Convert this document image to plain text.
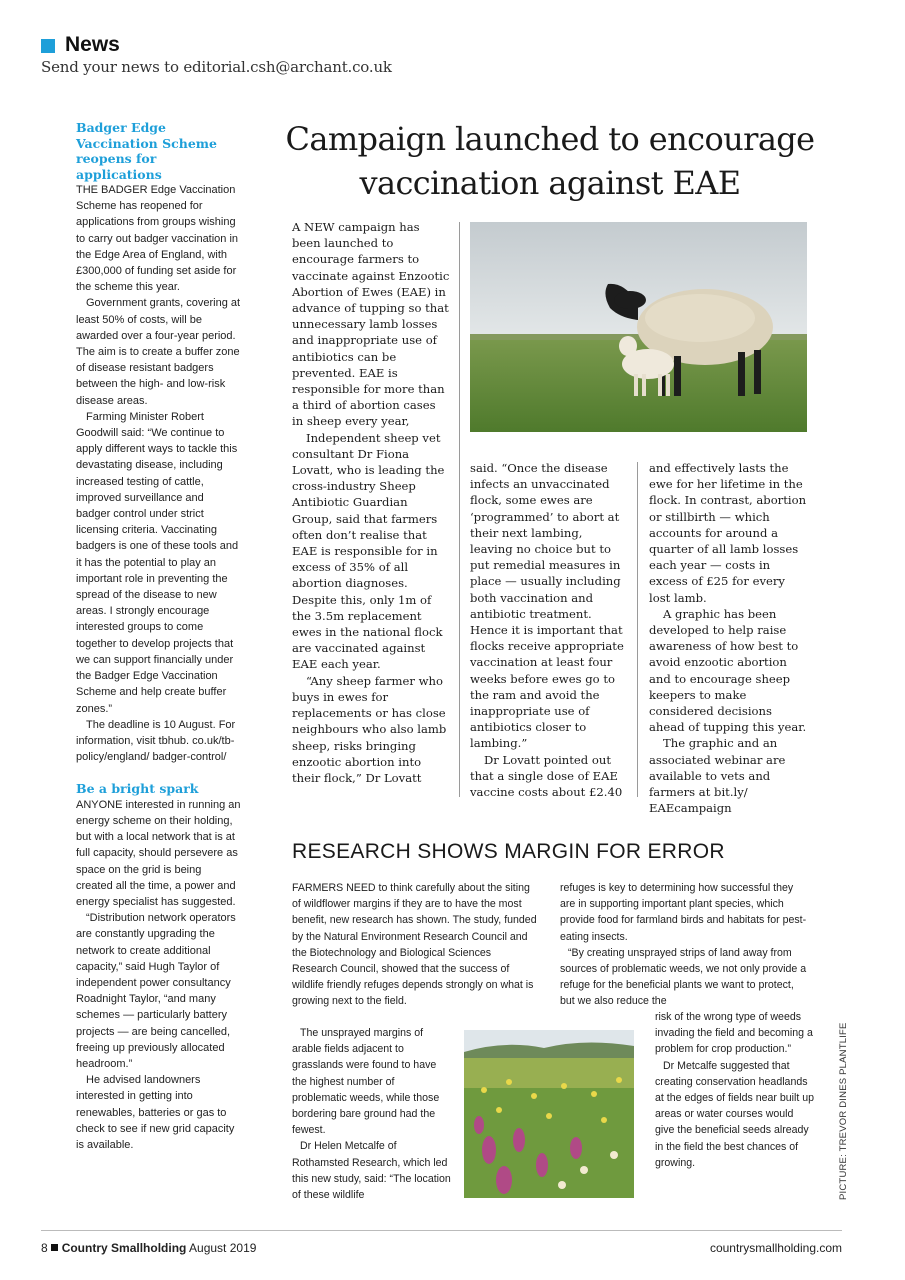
News
Send your news to editorial.csh@archant.co.uk
Badger Edge Vaccination Scheme reopens for applications

THE BADGER Edge Vaccination Scheme has reopened for applications from groups wishing to carry out badger vaccination in the Edge Area of England, with £300,000 of funding set aside for the scheme this year.

Government grants, covering at least 50% of costs, will be awarded over a four-year period. The aim is to create a buffer zone of disease resistant badgers between the high- and low-risk disease areas.

Farming Minister Robert Goodwill said: “We continue to apply different ways to tackle this devastating disease, including increased testing of cattle, improved surveillance and badger control under strict licensing criteria. Vaccinating badgers is one of these tools and it has the potential to play an important role in preventing the spread of the disease to new areas. I strongly encourage interested groups to come together to develop projects that we can support financially under the Badger Edge Vaccination Scheme and help create buffer zones.”

The deadline is 10 August. For information, visit tbhub. co.uk/tb-policy/england/ badger-control/

Be a bright spark

ANYONE interested in running an energy scheme on their holding, but with a local network that is at full capacity, should persevere as space on the grid is being created all the time, a power and energy specialist has suggested.

“Distribution network operators are constantly upgrading the network to create additional capacity,” said Hugh Taylor of independent power consultancy Roadnight Taylor, “and many schemes — particularly battery projects — are being cancelled, freeing up previously allocated headroom.”

He advised landowners interested in getting into renewables, batteries or gas to check to see if new grid capacity is available.

Campaign launched to encourage vaccination against EAE

A NEW campaign has been launched to encourage farmers to vaccinate against Enzootic Abortion of Ewes (EAE) in advance of tupping so that unnecessary lamb losses and inappropriate use of antibiotics can be prevented. EAE is responsible for more than a third of abortion cases in sheep every year,

Independent sheep vet consultant Dr Fiona Lovatt, who is leading the cross-industry Sheep Antibiotic Guardian Group, said that farmers often don’t realise that EAE is responsible for in excess of 35% of all abortion diagnoses. Despite this, only 1m of the 3.5m replacement ewes in the national flock are vaccinated against EAE each year.

“Any sheep farmer who buys in ewes for replacements or has close neighbours who also lamb sheep, risks bringing enzootic abortion into their flock,” Dr Lovatt

said. “Once the disease infects an unvaccinated flock, some ewes are ‘programmed’ to abort at their next lambing, leaving no choice but to put remedial measures in place — usually including both vaccination and antibiotic treatment. Hence it is important that flocks receive appropriate vaccination at least four weeks before ewes go to the ram and avoid the inappropriate use of antibiotics closer to lambing.”

Dr Lovatt pointed out that a single dose of EAE vaccine costs about £2.40

and effectively lasts the ewe for her lifetime in the flock. In contrast, abortion or stillbirth — which accounts for around a quarter of all lamb losses each year — costs in excess of £25 for every lost lamb.

A graphic has been developed to help raise awareness of how best to avoid enzootic abortion and to encourage sheep keepers to make considered decisions ahead of tupping this year.

The graphic and an associated webinar are available to vets and farmers at bit.ly/ EAEcampaign

RESEARCH SHOWS MARGIN FOR ERROR

FARMERS NEED to think carefully about the siting of wildflower margins if they are to have the most benefit, new research has shown. The study, funded by the Natural Environment Research Council and the Biotechnology and Biological Sciences Research Council, showed that the success of wildlife friendly refuges depends strongly on what is growing next to the field.

The unsprayed margins of arable fields adjacent to grasslands were found to have the highest number of problematic weeds, while those bordering bare ground had the fewest.

Dr Helen Metcalfe of Rothamsted Research, which led this new study, said: “The location of these wildlife

refuges is key to determining how successful they are in supporting important plant species, which provide food for farmland birds and habitats for pest-eating insects.

“By creating unsprayed strips of land away from sources of problematic weeds, we not only provide a refuge for the beneficial plants we want to protect, but we also reduce the

risk of the wrong type of weeds invading the field and becoming a problem for crop production.”

Dr Metcalfe suggested that creating conservation headlands at the edges of fields near built up areas or water courses would give the beneficial seeds already in the field the best chances of growing.	PICTURE: TREVOR DINES PLANTLIFE
8 Country Smallholding August 2019	countrysmallholding.com
